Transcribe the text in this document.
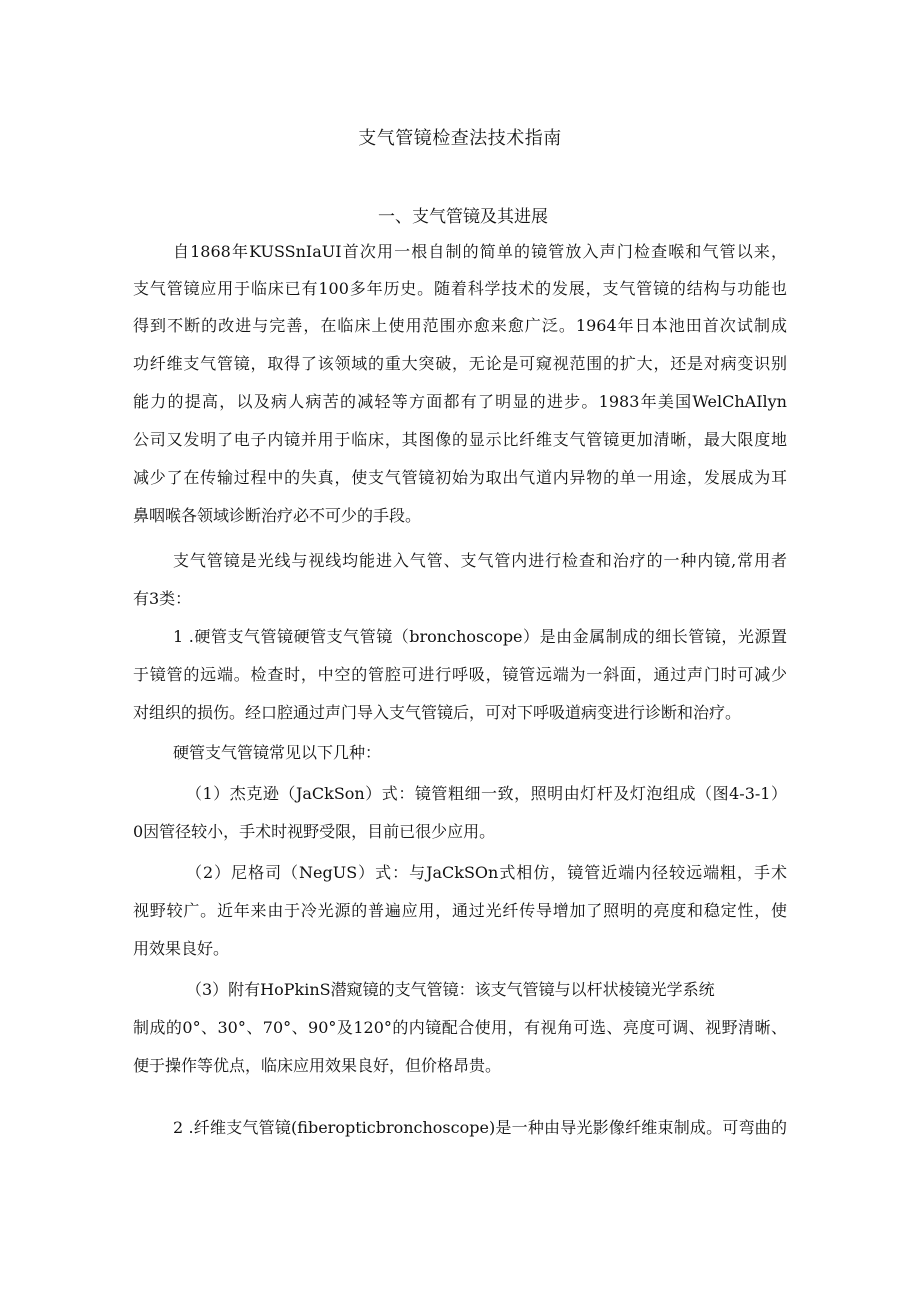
支气管镜检查法技术指南
一、支气管镜及其进展
自1868年KUSSnIaUI首次用一根自制的简单的镜管放入声门检查喉和气管以来，
支气管镜应用于临床已有100多年历史。随着科学技术的发展，支气管镜的结构与功能也
得到不断的改进与完善，在临床上使用范围亦愈来愈广泛。1964年日本池田首次试制成
功纤维支气管镜，取得了该领域的重大突破，无论是可窥视范围的扩大，还是对病变识别
能力的提高，以及病人病苦的减轻等方面都有了明显的进步。1983年美国WelChAIlyn
公司又发明了电子内镜并用于临床，其图像的显示比纤维支气管镜更加清晰，最大限度地
减少了在传输过程中的失真，使支气管镜初始为取出气道内异物的单一用途，发展成为耳
鼻咽喉各领域诊断治疗必不可少的手段。
支气管镜是光线与视线均能进入气管、支气管内进行检查和治疗的一种内镜,常用者
有3类：
1 .硬管支气管镜硬管支气管镜（bronchoscope）是由金属制成的细长管镜，光源置
于镜管的远端。检查时，中空的管腔可进行呼吸，镜管远端为一斜面，通过声门时可减少
对组织的损伤。经口腔通过声门导入支气管镜后，可对下呼吸道病变进行诊断和治疗。
硬管支气管镜常见以下几种：
（1）杰克逊（JaCkSon）式：镜管粗细一致，照明由灯杆及灯泡组成（图4-3-1）
0因管径较小，手术时视野受限，目前已很少应用。
（2）尼格司（NegUS）式：与JaCkSOn式相仿，镜管近端内径较远端粗，手术
视野较广。近年来由于冷光源的普遍应用，通过光纤传导增加了照明的亮度和稳定性，使
用效果良好。
（3）附有HoPkinS潜窥镜的支气管镜：该支气管镜与以杆状棱镜光学系统
制成的0°、30°、70°、90°及120°的内镜配合使用，有视角可选、亮度可调、视野清晰、
便于操作等优点，临床应用效果良好，但价格昂贵。
2 .纤维支气管镜(fiberopticbronchoscope)是一种由导光影像纤维束制成。可弯曲的
